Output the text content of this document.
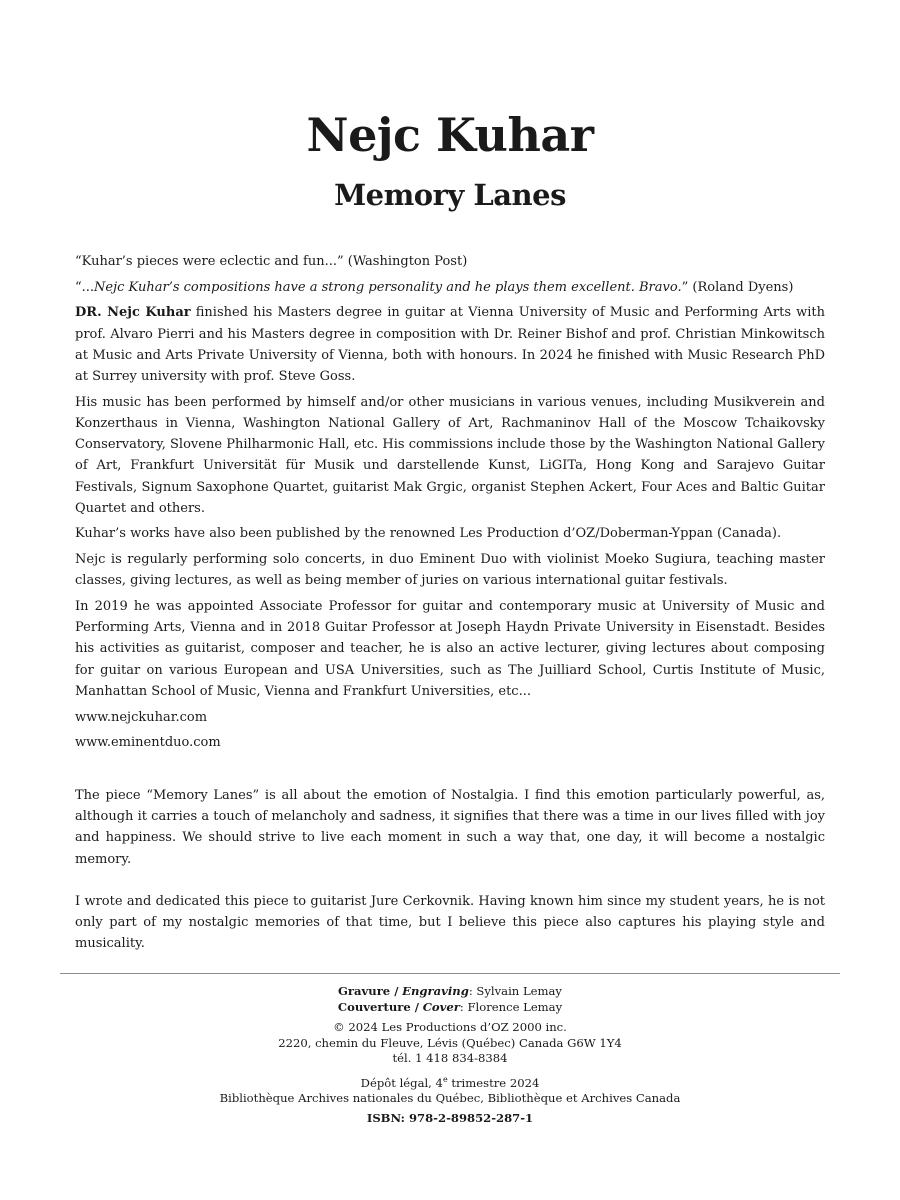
Nejc Kuhar
Memory Lanes

“Kuhar’s pieces were eclectic and fun...” (Washington Post)

“...Nejc Kuhar’s compositions have a strong personality and he plays them excellent. Bravo.” (Roland Dyens)

DR. Nejc Kuhar finished his Masters degree in guitar at Vienna University of Music and Performing Arts with prof. Alvaro Pierri and his Masters degree in composition with Dr. Reiner Bishof and prof. Christian Minkowitsch at Music and Arts Private University of Vienna, both with honours. In 2024 he finished with Music Research PhD at Surrey university with prof. Steve Goss.

His music has been performed by himself and/or other musicians in various venues, including Musikverein and Konzerthaus in Vienna, Washington National Gallery of Art, Rachmaninov Hall of the Moscow Tchaikovsky Conservatory, Slovene Philharmonic Hall, etc. His commissions include those by the Washington National Gallery of Art, Frankfurt Universität für Musik und darstellende Kunst, LiGITa, Hong Kong and Sarajevo Guitar Festivals, Signum Saxophone Quartet, guitarist Mak Grgic, organist Stephen Ackert, Four Aces and Baltic Guitar Quartet and others.

Kuhar’s works have also been published by the renowned Les Production d’OZ/Doberman-Yppan (Canada).

Nejc is regularly performing solo concerts, in duo Eminent Duo with violinist Moeko Sugiura, teaching master classes, giving lectures, as well as being member of juries on various international guitar festivals.

In 2019 he was appointed Associate Professor for guitar and contemporary music at University of Music and Performing Arts, Vienna and in 2018 Guitar Professor at Joseph Haydn Private University in Eisenstadt. Besides his activities as guitarist, composer and teacher, he is also an active lecturer, giving lectures about composing for guitar on various European and USA Universities, such as The Juilliard School, Curtis Institute of Music, Manhattan School of Music, Vienna and Frankfurt Universities, etc...

www.nejckuhar.com

www.eminentduo.com

The piece “Memory Lanes” is all about the emotion of Nostalgia. I find this emotion particularly powerful, as, although it carries a touch of melancholy and sadness, it signifies that there was a time in our lives filled with joy and happiness. We should strive to live each moment in such a way that, one day, it will become a nostalgic memory.

I wrote and dedicated this piece to guitarist Jure Cerkovnik. Having known him since my student years, he is not only part of my nostalgic memories of that time, but I believe this piece also captures his playing style and musicality.

Gravure / Engraving: Sylvain Lemay
Couverture / Cover: Florence Lemay
© 2024 Les Productions d’OZ 2000 inc.
2220, chemin du Fleuve, Lévis (Québec) Canada G6W 1Y4
tél. 1 418 834-8384
Dépôt légal, 4e trimestre 2024
Bibliothèque Archives nationales du Québec, Bibliothèque et Archives Canada
ISBN: 978-2-89852-287-1
